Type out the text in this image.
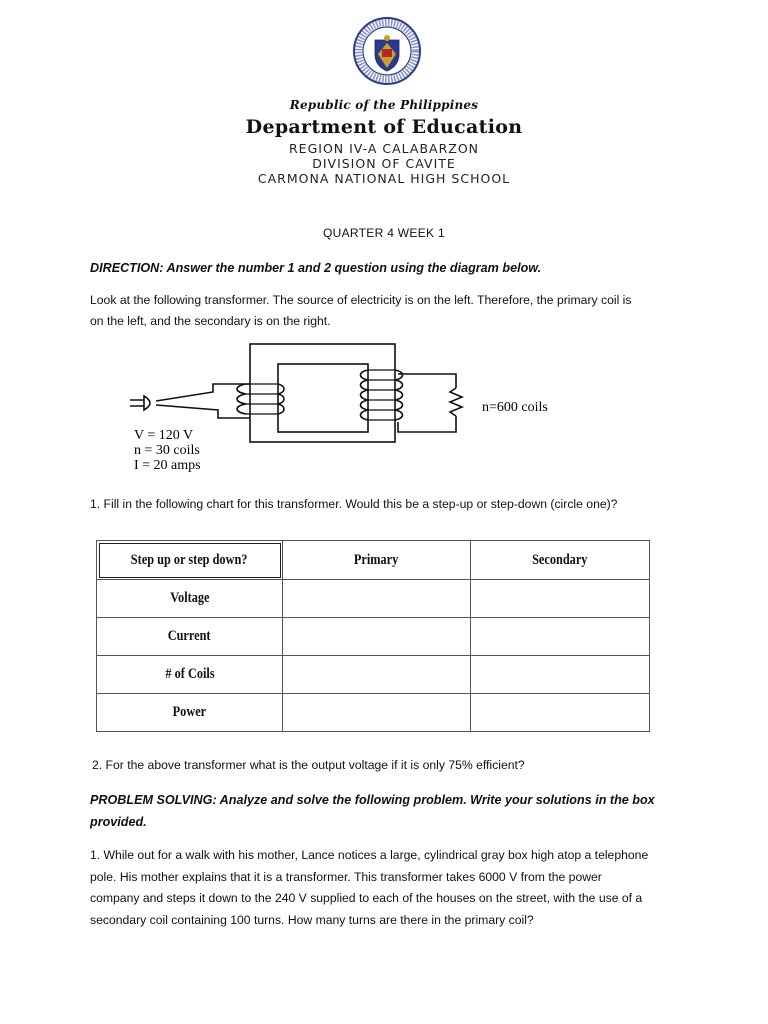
Republic of the Philippines
Department of Education
REGION IV-A CALABARZON
DIVISION OF CAVITE
CARMONA NATIONAL HIGH SCHOOL
QUARTER 4 WEEK 1
DIRECTION: Answer the number 1 and 2 question using the diagram below.
Look at the following transformer. The source of electricity is on the left. Therefore, the primary coil is
on the left, and the secondary is on the right.
V = 120 V
n = 30 coils
I = 20 amps
n=600 coils
1. Fill in the following chart for this transformer. Would this be a step-up or step-down (circle one)?
Step up or step down?	Primary	Secondary
Voltage		
Current		
# of Coils		
Power		
2. For the above transformer what is the output voltage if it is only 75% efficient?
PROBLEM SOLVING: Analyze and solve the following problem. Write your solutions in the box
provided.
1. While out for a walk with his mother, Lance notices a large, cylindrical gray box high atop a telephone
pole. His mother explains that it is a transformer. This transformer takes 6000 V from the power
company and steps it down to the 240 V supplied to each of the houses on the street, with the use of a
secondary coil containing 100 turns. How many turns are there in the primary coil?
